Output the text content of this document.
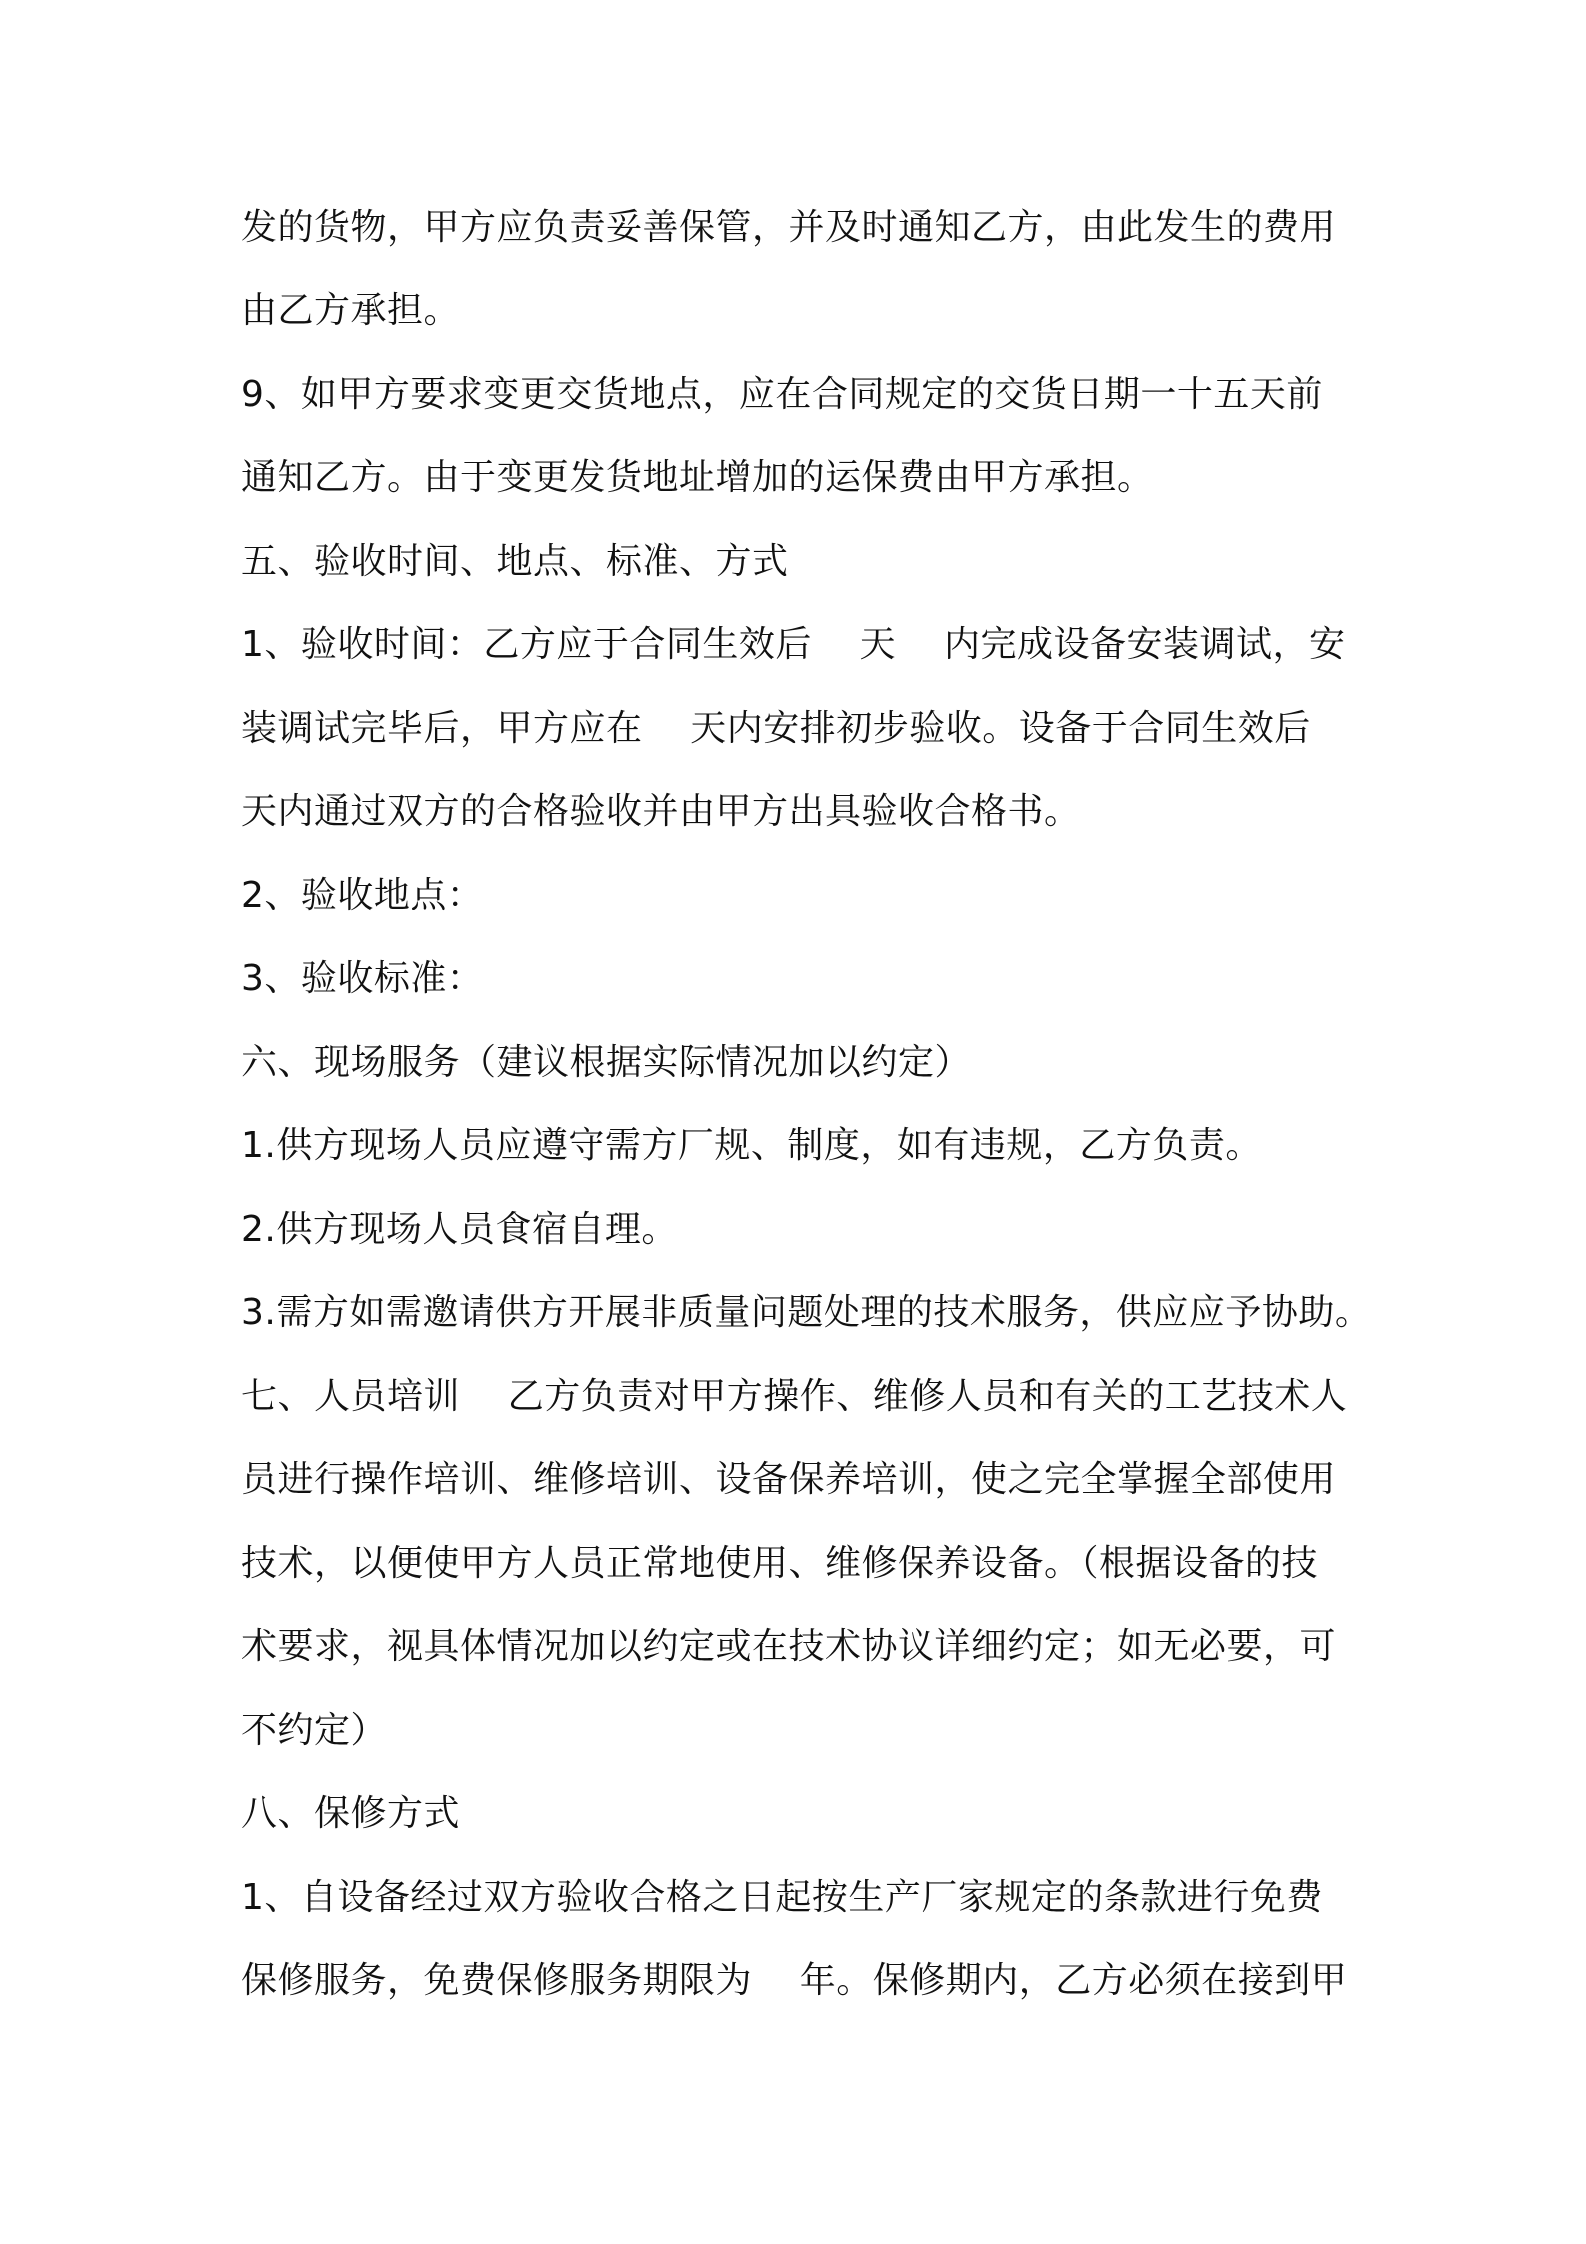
发的货物，甲方应负责妥善保管，并及时通知乙方，由此发生的费用
由乙方承担。
9、如甲方要求变更交货地点，应在合同规定的交货日期一十五天前
通知乙方。由于变更发货地址增加的运保费由甲方承担。
五、验收时间、地点、标准、方式
1、验收时间：乙方应于合同生效后    天    内完成设备安装调试，安
装调试完毕后，甲方应在    天内安排初步验收。设备于合同生效后
天内通过双方的合格验收并由甲方出具验收合格书。
2、验收地点：
3、验收标准：
六、现场服务（建议根据实际情况加以约定）
1.供方现场人员应遵守需方厂规、制度，如有违规，乙方负责。
2.供方现场人员食宿自理。
3.需方如需邀请供方开展非质量问题处理的技术服务，供应应予协助。
七、人员培训    乙方负责对甲方操作、维修人员和有关的工艺技术人
员进行操作培训、维修培训、设备保养培训，使之完全掌握全部使用
技术，以便使甲方人员正常地使用、维修保养设备。（根据设备的技
术要求，视具体情况加以约定或在技术协议详细约定；如无必要，可
不约定）
八、保修方式
1、自设备经过双方验收合格之日起按生产厂家规定的条款进行免费
保修服务，免费保修服务期限为    年。保修期内，乙方必须在接到甲
